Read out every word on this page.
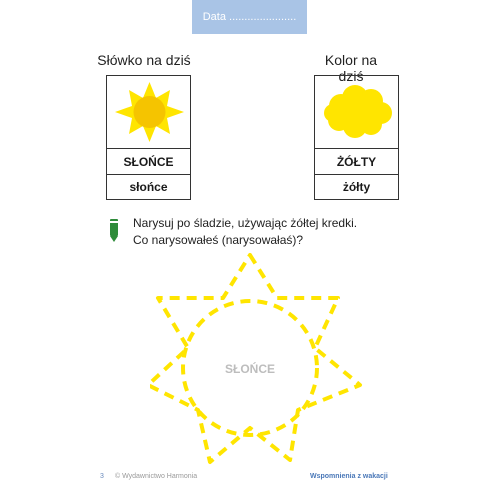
Data ......................
Słówko na dziś	Kolor na dziś
SŁOŃCE
słońce
ŻÓŁTY
żółty
Narysuj po śladzie, używając żółtej kredki. Co narysowałeś (narysowałaś)?
SŁOŃCE
3 © Wydawnictwo Harmonia	Wspomnienia z wakacji
